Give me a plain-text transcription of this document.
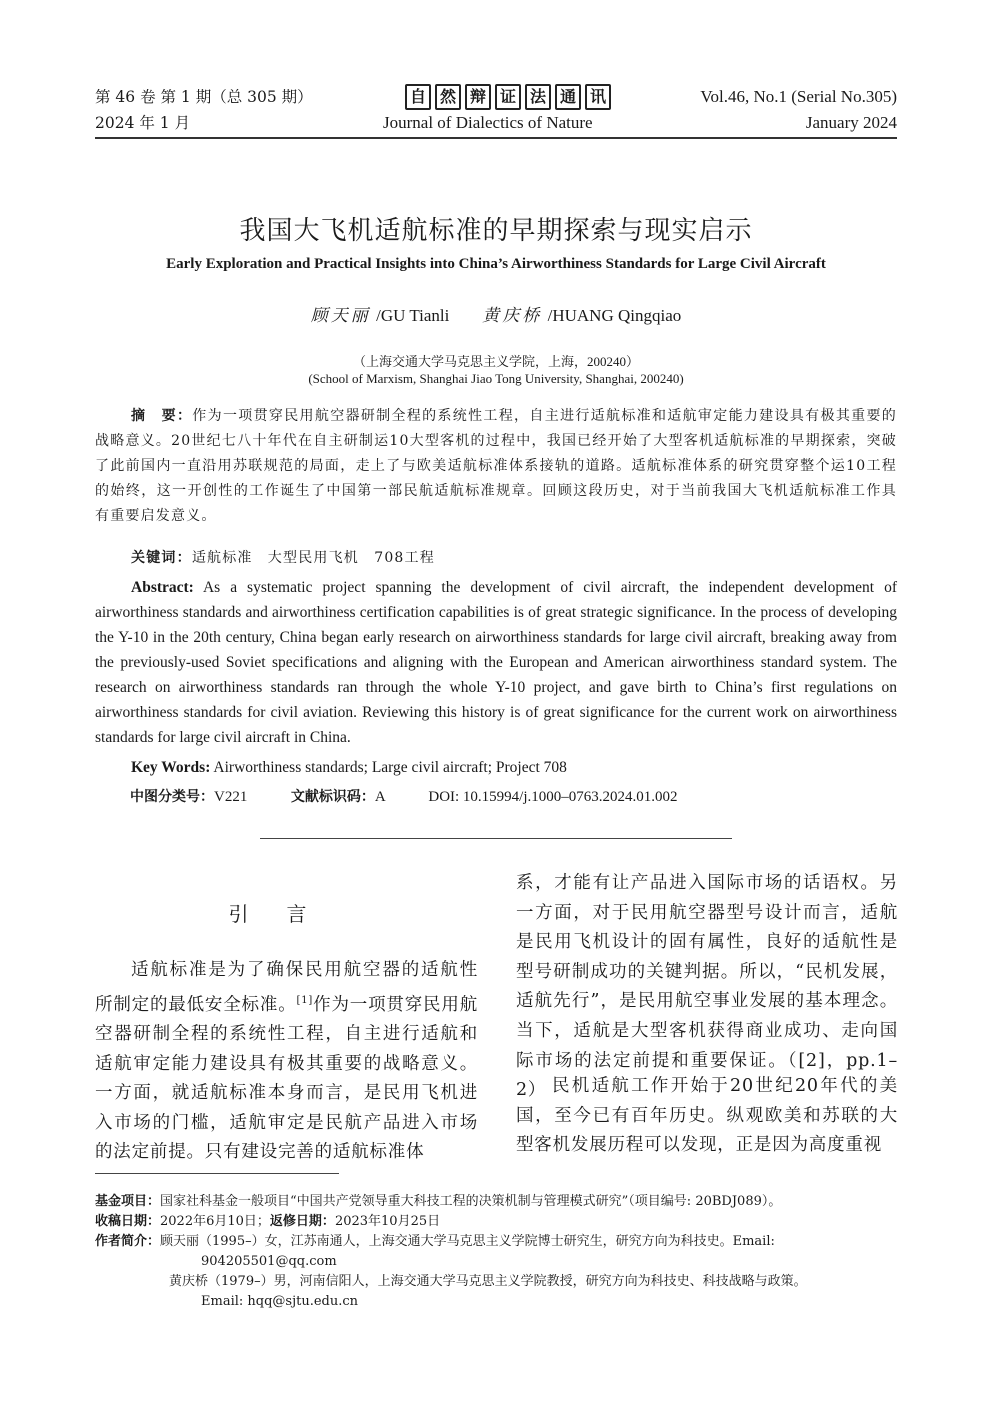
第 46 卷 第 1 期（总 305 期）
2024 年 1 月
自 然 辩 证 法 通 讯
Journal of Dialectics of Nature
Vol.46, No.1 (Serial No.305)
January 2024
我国大飞机适航标准的早期探索与现实启示
Early Exploration and Practical Insights into China’s Airworthiness Standards for Large Civil Aircraft
顾天丽 /GU Tianli 黄庆桥 /HUANG Qingqiao
（上海交通大学马克思主义学院，上海，200240）
(School of Marxism, Shanghai Jiao Tong University, Shanghai, 200240)
摘　要：作为一项贯穿民用航空器研制全程的系统性工程，自主进行适航标准和适航审定能力建设具有极其重要的战略意义。20世纪七八十年代在自主研制运10大型客机的过程中，我国已经开始了大型客机适航标准的早期探索，突破了此前国内一直沿用苏联规范的局面，走上了与欧美适航标准体系接轨的道路。适航标准体系的研究贯穿整个运10工程的始终，这一开创性的工作诞生了中国第一部民航适航标准规章。回顾这段历史，对于当前我国大飞机适航标准工作具有重要启发意义。
关键词：适航标准　大型民用飞机　708工程
Abstract: As a systematic project spanning the development of civil aircraft, the independent development of airworthiness standards and airworthiness certification capabilities is of great strategic significance. In the process of developing the Y-10 in the 20th century, China began early research on airworthiness standards for large civil aircraft, breaking away from the previously-used Soviet specifications and aligning with the European and American airworthiness standard system. The research on airworthiness standards ran through the whole Y-10 project, and gave birth to China’s first regulations on airworthiness standards for civil aviation. Reviewing this history is of great significance for the current work on airworthiness standards for large civil aircraft in China.
Key Words: Airworthiness standards; Large civil aircraft; Project 708
中图分类号：V221	文献标识码：A	DOI: 10.15994/j.1000–0763.2024.01.002
引言
适航标准是为了确保民用航空器的适航性所制定的最低安全标准。[1]作为一项贯穿民用航空器研制全程的系统性工程，自主进行适航和适航审定能力建设具有极其重要的战略意义。一方面，就适航标准本身而言，是民用飞机进入市场的门槛，适航审定是民航产品进入市场的法定前提。只有建设完善的适航标准体
系，才能有让产品进入国际市场的话语权。另一方面，对于民用航空器型号设计而言，适航是民用飞机设计的固有属性，良好的适航性是型号研制成功的关键判据。所以，“民机发展，适航先行”，是民用航空事业发展的基本理念。当下，适航是大型客机获得商业成功、走向国际市场的法定前提和重要保证。（[2]，pp.1–2） 民机适航工作开始于20世纪20年代的美国，至今已有百年历史。纵观欧美和苏联的大型客机发展历程可以发现，正是因为高度重视
基金项目：国家社科基金一般项目“中国共产党领导重大科技工程的决策机制与管理模式研究”（项目编号: 20BDJ089）。
收稿日期：2022年6月10日；返修日期：2023年10月25日
作者简介：顾天丽（1995–）女，江苏南通人，上海交通大学马克思主义学院博士研究生，研究方向为科技史。Email:
904205501@qq.com
黄庆桥（1979–）男，河南信阳人，上海交通大学马克思主义学院教授，研究方向为科技史、科技战略与政策。
Email: hqq@sjtu.edu.cn
